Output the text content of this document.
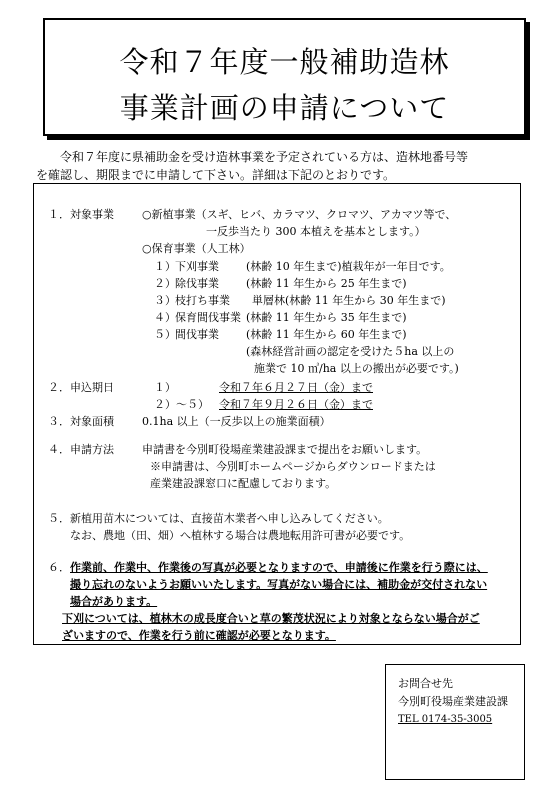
令和７年度一般補助造林
事業計画の申請について
令和７年度に県補助金を受け造林事業を予定されている方は、造林地番号等
を確認し、期限までに申請して下さい。詳細は下記のとおりです。
１． 対象事業	○新植事業（スギ、ヒバ、カラマツ、クロマツ、アカマツ等で、
一反歩当たり 300 本植えを基本とします。）
○保育事業（人工林）
１） 下刈事業 (林齢 10 年生まで)植栽年が一年目です。
２） 除伐事業 (林齢 11 年生から 25 年生まで)
３） 枝打ち事業 単層林(林齢 11 年生から 30 年生まで)
４） 保育間伐事業 (林齢 11 年生から 35 年生まで)
５） 間伐事業 (林齢 11 年生から 60 年生まで)
(森林経営計画の認定を受けた５ha 以上の
施業で 10 ㎥/ha 以上の搬出が必要です。)
２． 申込期日	１）	令和７年６月２７日（金）まで
２）～５） 令和７年９月２６日（金）まで
３． 対象面積	0.1ha 以上（一反歩以上の施業面積）
４． 申請方法	申請書を今別町役場産業建設課まで提出をお願いします。
※申請書は、今別町ホームページからダウンロードまたは
産業建設課窓口に配慮しております。
５．新植用苗木については、直接苗木業者へ申し込みしてください。
なお、農地（田、畑）へ植林する場合は農地転用許可書が必要です。
６． 作業前、作業中、作業後の写真が必要となりますので、申請後に作業を行う際には、
撮り忘れのないようお願いいたします。写真がない場合には、補助金が交付されない
場合があります。
下刈については、植林木の成長度合いと草の繁茂状況により対象とならない場合がご
ざいますので、作業を行う前に確認が必要となります。
お問合せ先
今別町役場産業建設課
TEL 0174-35-3005
